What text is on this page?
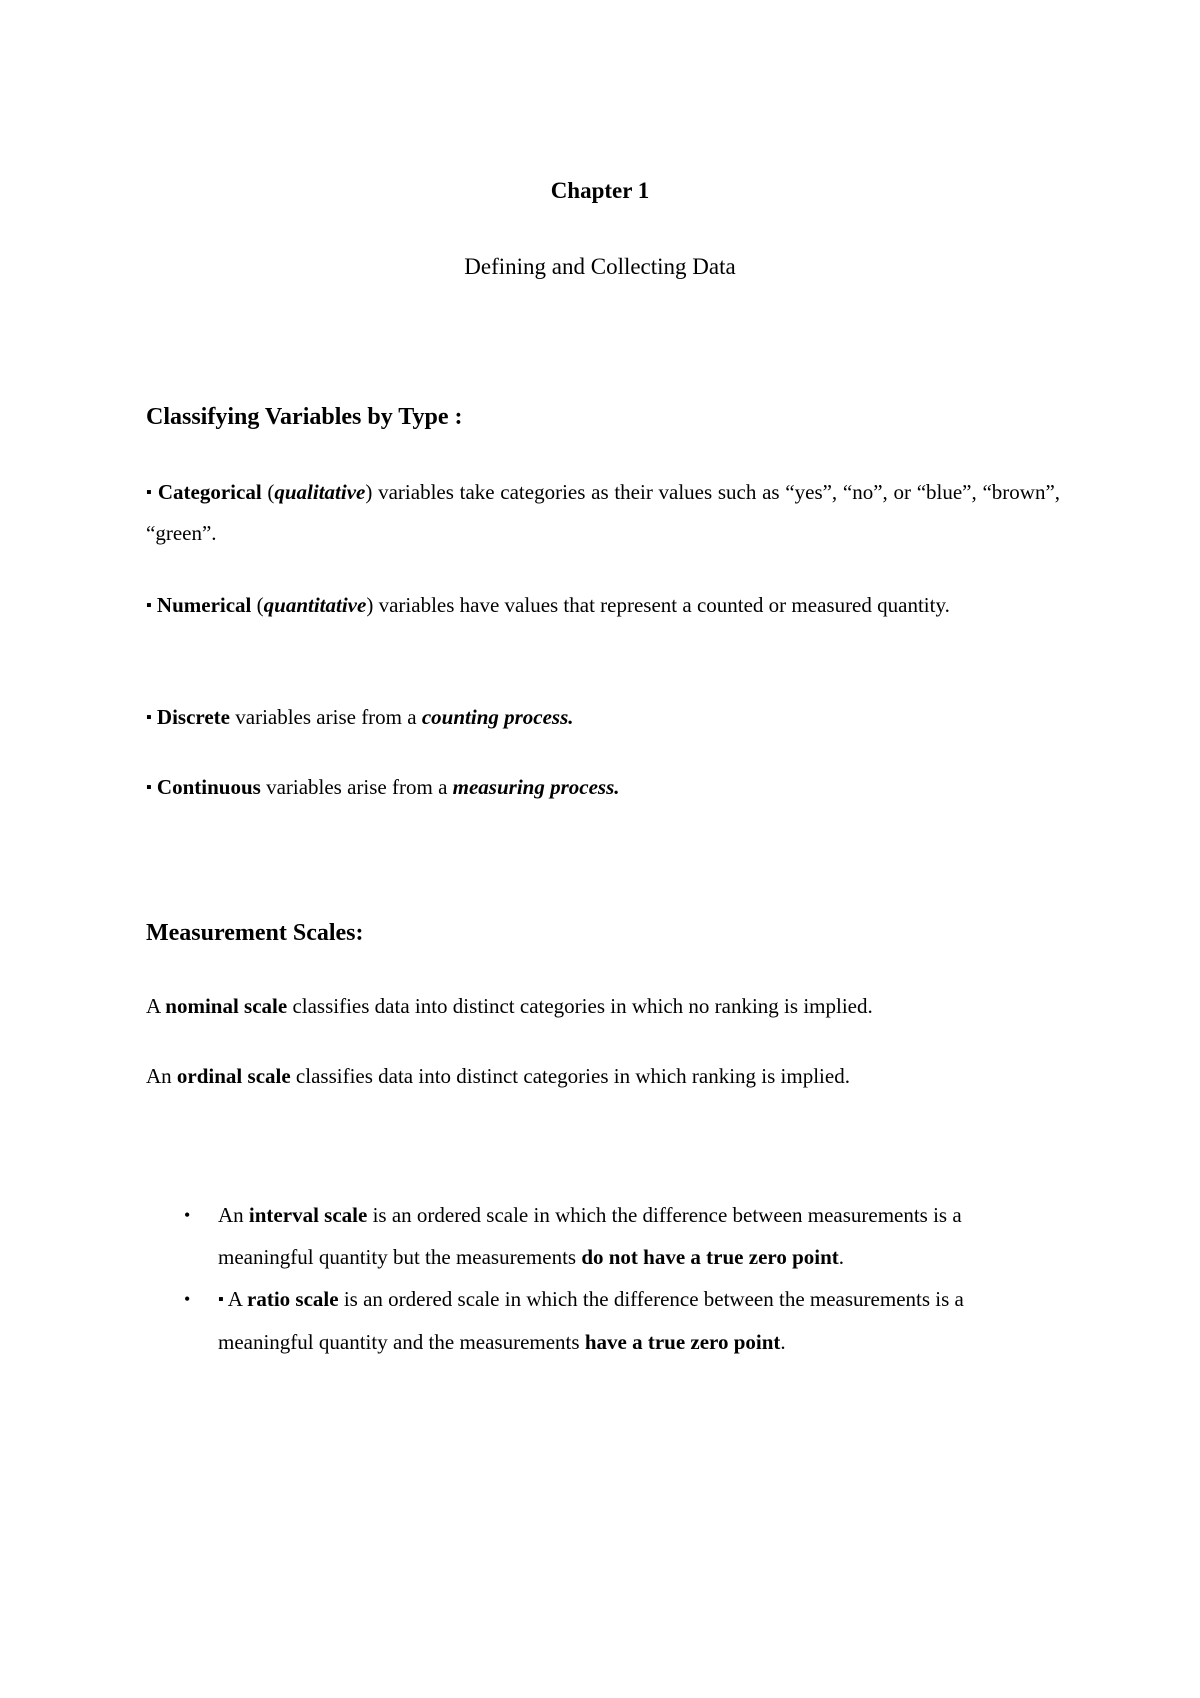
Chapter 1
Defining and Collecting Data
Classifying Variables by Type :
▪ Categorical (qualitative) variables take categories as their values such as “yes”, “no”, or “blue”, “brown”, “green”.
▪ Numerical (quantitative) variables have values that represent a counted or measured quantity.
▪ Discrete variables arise from a counting process.
▪ Continuous variables arise from a measuring process.
Measurement Scales:
A nominal scale classifies data into distinct categories in which no ranking is implied.
An ordinal scale classifies data into distinct categories in which ranking is implied.
• An interval scale is an ordered scale in which the difference between measurements is a meaningful quantity but the measurements do not have a true zero point.
• ▪ A ratio scale is an ordered scale in which the difference between the measurements is a meaningful quantity and the measurements have a true zero point.
